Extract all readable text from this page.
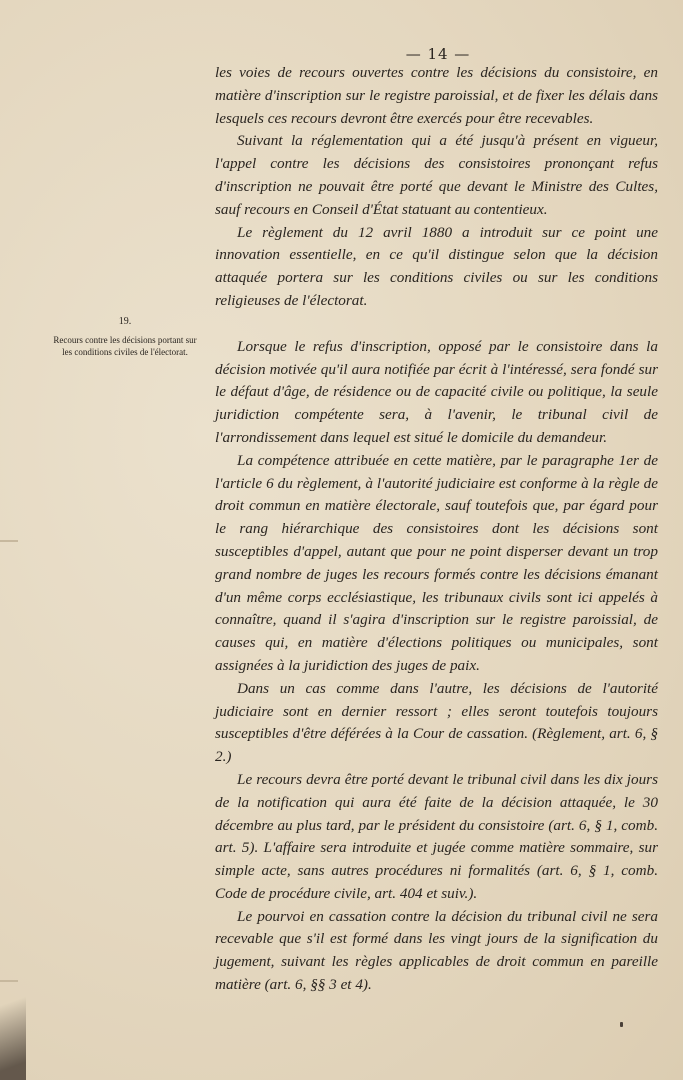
— 14 —
19.
Recours contre les décisions portant sur les conditions civiles de l'électorat.

les voies de recours ouvertes contre les décisions du consistoire, en matière d'inscription sur le registre paroissial, et de fixer les délais dans lesquels ces recours devront être exercés pour être recevables.

Suivant la réglementation qui a été jusqu'à présent en vigueur, l'appel contre les décisions des consistoires prononçant refus d'inscription ne pouvait être porté que devant le Ministre des Cultes, sauf recours en Conseil d'État statuant au contentieux.

Le règlement du 12 avril 1880 a introduit sur ce point une innovation essentielle, en ce qu'il distingue selon que la décision attaquée portera sur les conditions civiles ou sur les conditions religieuses de l'électorat.

Lorsque le refus d'inscription, opposé par le consistoire dans la décision motivée qu'il aura notifiée par écrit à l'intéressé, sera fondé sur le défaut d'âge, de résidence ou de capacité civile ou politique, la seule juridiction compétente sera, à l'avenir, le tribunal civil de l'arrondissement dans lequel est situé le domicile du demandeur.

La compétence attribuée en cette matière, par le paragraphe 1er de l'article 6 du règlement, à l'autorité judiciaire est conforme à la règle de droit commun en matière électorale, sauf toutefois que, par égard pour le rang hiérarchique des consistoires dont les décisions sont susceptibles d'appel, autant que pour ne point disperser devant un trop grand nombre de juges les recours formés contre les décisions émanant d'un même corps ecclésiastique, les tribunaux civils sont ici appelés à connaître, quand il s'agira d'inscription sur le registre paroissial, de causes qui, en matière d'élections politiques ou municipales, sont assignées à la juridiction des juges de paix.

Dans un cas comme dans l'autre, les décisions de l'autorité judiciaire sont en dernier ressort ; elles seront toutefois toujours susceptibles d'être déférées à la Cour de cassation. (Règlement, art. 6, § 2.)

Le recours devra être porté devant le tribunal civil dans les dix jours de la notification qui aura été faite de la décision attaquée, le 30 décembre au plus tard, par le président du consistoire (art. 6, § 1, comb. art. 5). L'affaire sera introduite et jugée comme matière sommaire, sur simple acte, sans autres procédures ni formalités (art. 6, § 1, comb. Code de procédure civile, art. 404 et suiv.).

Le pourvoi en cassation contre la décision du tribunal civil ne sera recevable que s'il est formé dans les vingt jours de la signification du jugement, suivant les règles applicables de droit commun en pareille matière (art. 6, §§ 3 et 4).
